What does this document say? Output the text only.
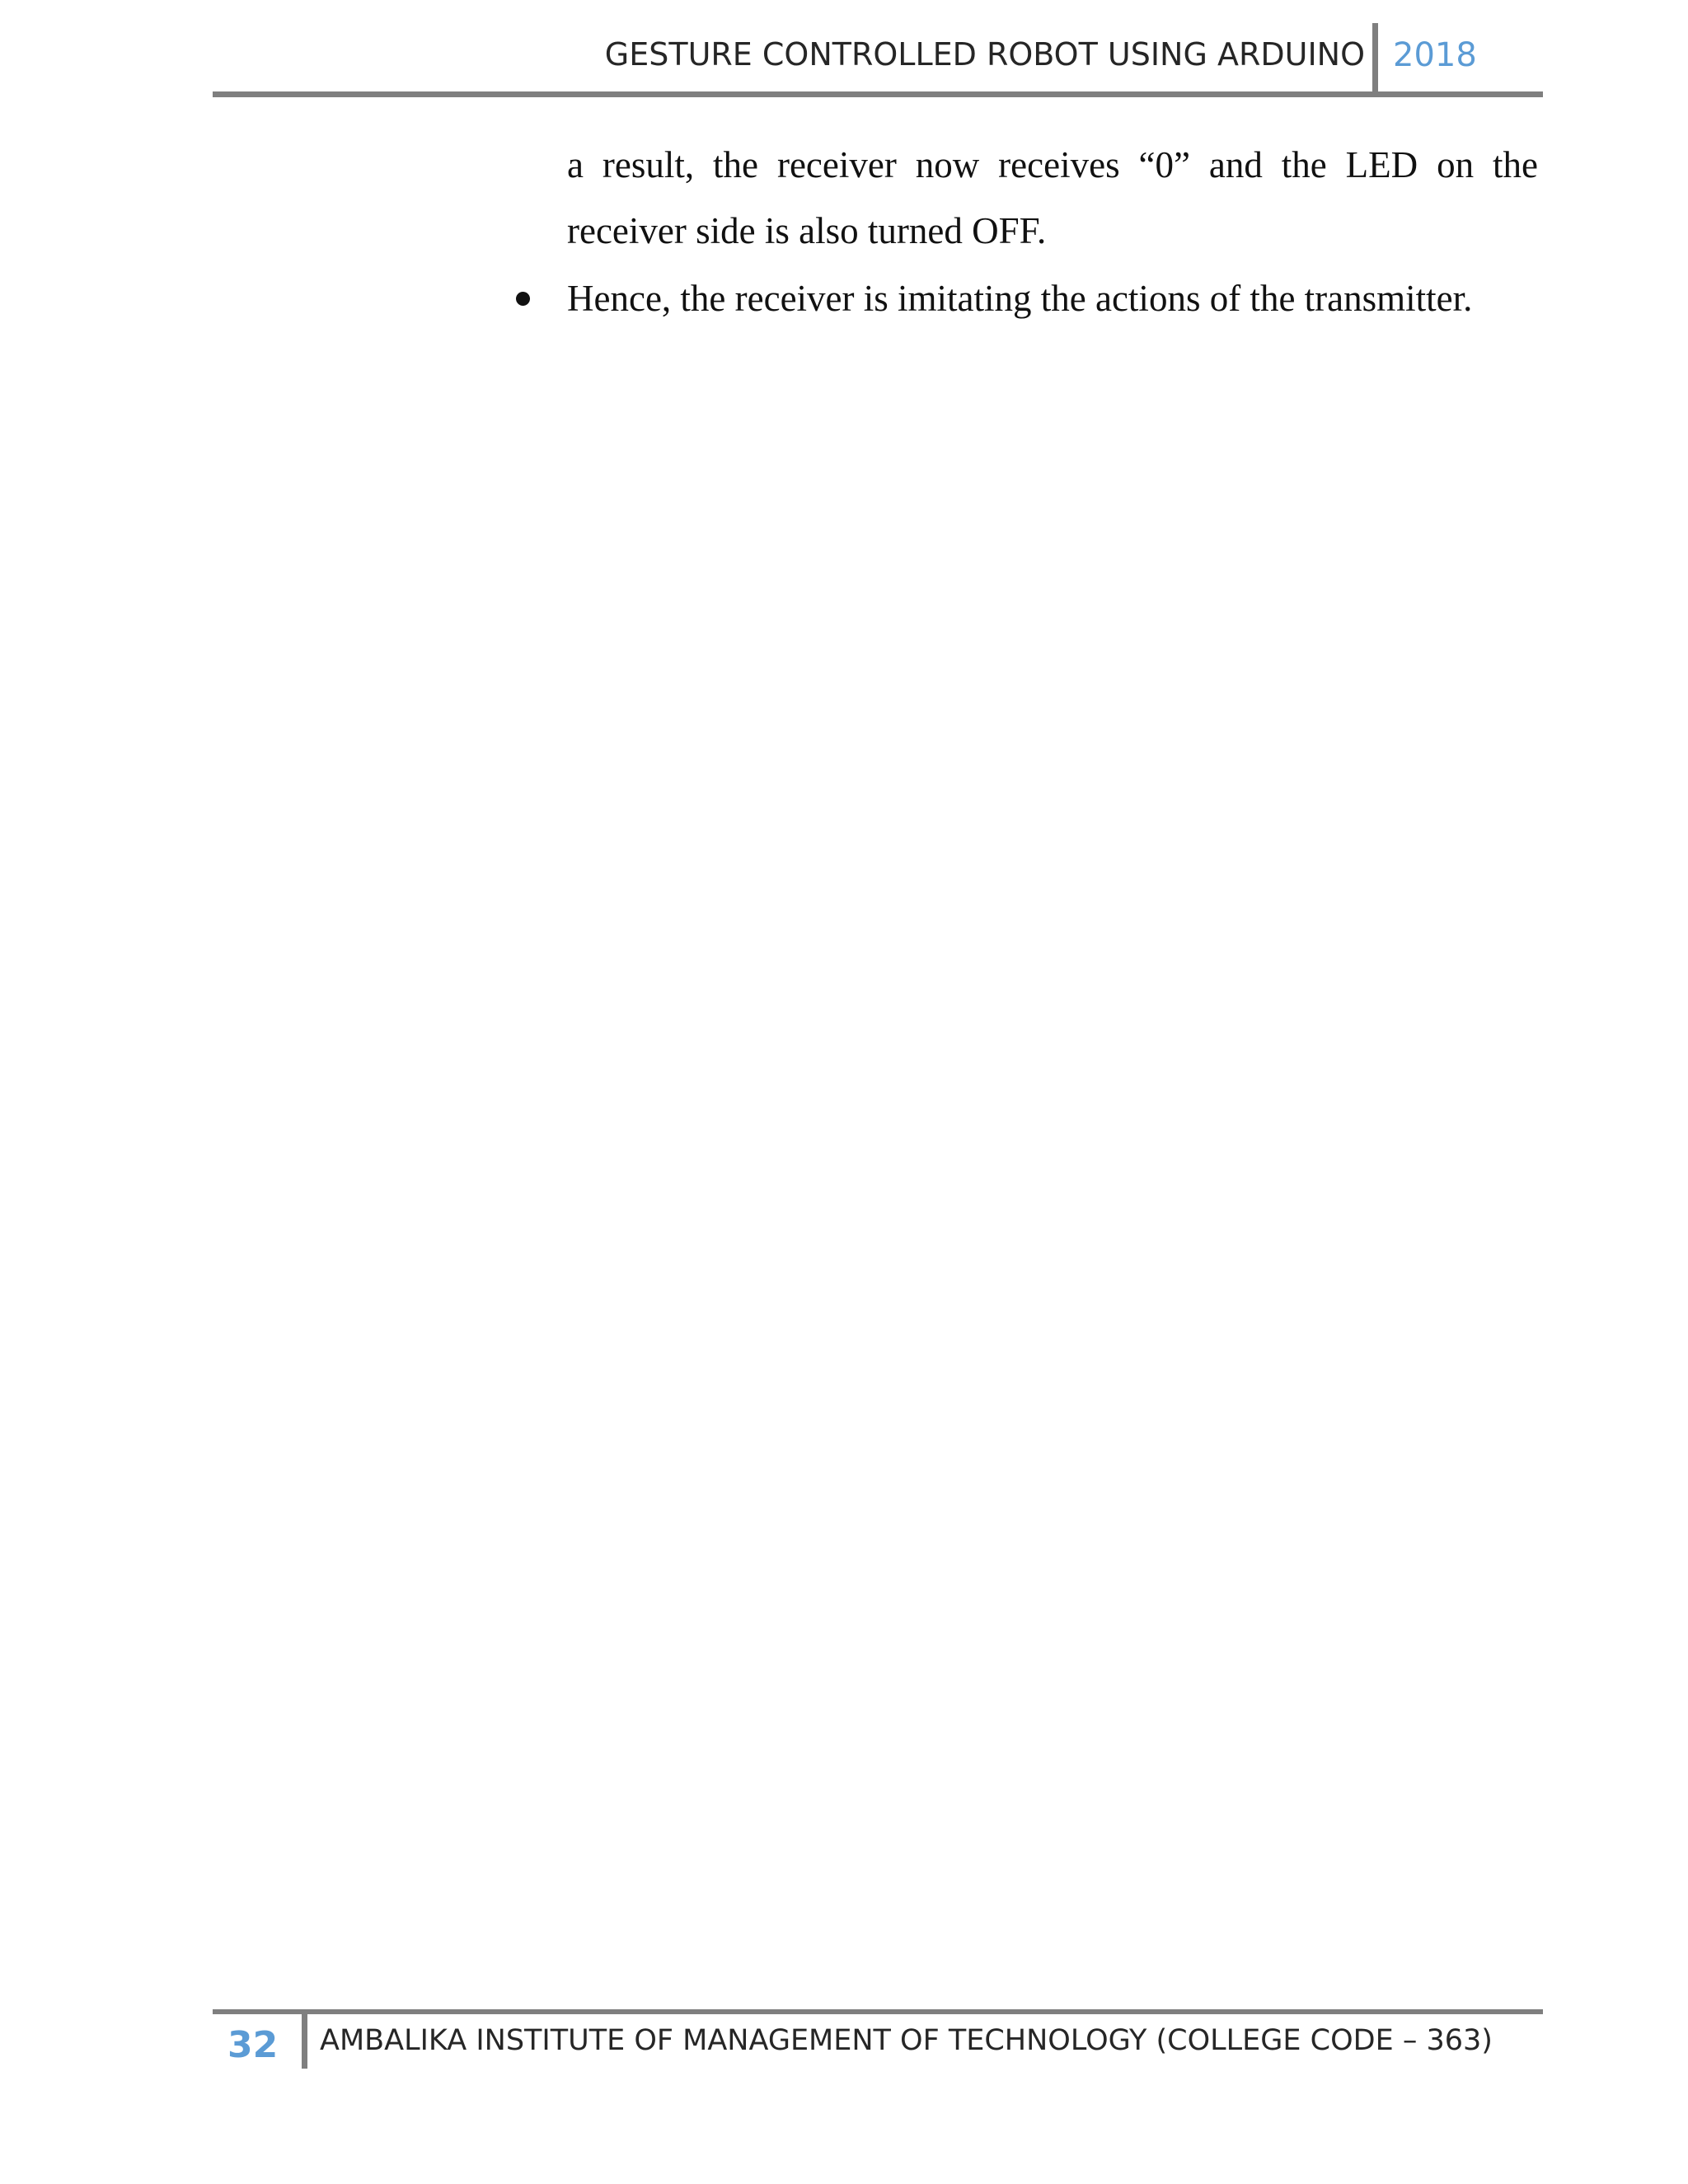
GESTURE CONTROLLED ROBOT USING ARDUINO 2018
a result, the receiver now receives “0” and the LED on the
receiver side is also turned OFF.
Hence, the receiver is imitating the actions of the transmitter.
32 AMBALIKA INSTITUTE OF MANAGEMENT OF TECHNOLOGY (COLLEGE CODE – 363)
